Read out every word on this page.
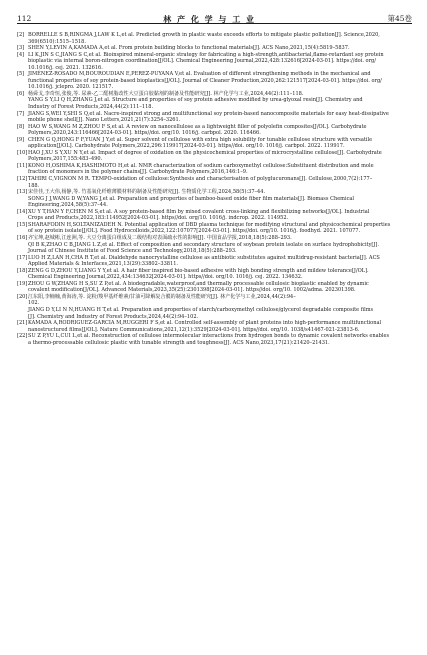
112	林 产 化 学 与 工 业	第45卷
[2] BORRELLE S B,RINGMA J,LAW K L,et al. Predicted growth in plastic waste exceeds efforts to mitigate plastic pollution[J]. Science,2020,
369(6510):1515–1518.
[3] SHEN Y,LEVIN A,KAMADA A,et al. From protein building blocks to functional materials[J]. ACS Nano,2021,15(4):5819–5837.
[4] LI K,JIN S C,JIANG S C,et al. Bioinspired mineral-organic strategy for fabricating a high-strength,antibacterial,flame-retardant soy protein
bioplastic via internal boron-nitrogen coordination[J/OL]. Chemical Engineering Journal,2022,428:132616[2024-03-01]. https://doi. org/
10.1016/j. cej. 2021. 132616.
[5] JIMÉNEZ-ROSADO M,BOUROUDIAN E,PEREZ-PUYANA V,et al. Evaluation of different strengthening methods in the mechanical and
functional properties of soy protein-based bioplastics[J/OL]. Journal of Cleaner Production,2020,262:121517[2024-03-01]. https://doi. org/
10.1016/j. jclepro. 2020. 121517.
[6] 杨舜戈,李奇恒,张俊,等. 尿素-乙二醛树脂改性大豆蛋白胶黏剂的制备及性能研究[J]. 林产化学与工业,2024,44(2):111–118.
YANG S Y,LI Q H,ZHANG J,et al. Structure and properties of soy protein adhesive modified by urea-glyoxal resin[J]. Chemistry and
Industry of Forest Products,2024,44(2):111–118.
[7] JIANG S,WEI Y,SHI S Q,et al. Nacre-inspired strong and multifunctional soy protein-based nanocomposite materials for easy heat-dissipative
mobile phone shell[J]. Nano Letters,2021,21(7):3254–3261.
[8] HAO W S,WANG M Z,ZHOU F S,et al. A review on nanocellulose as a lightweight filler of polyolefin composites[J/OL]. Carbohydrate
Polymers,2020,243:116466[2024-03-01]. https//doi. org/10. 1016/j. carbpol. 2020. 116466.
[9] CHEN G Q,HONG F F,YUAN J Y,et al. Super solvent of cellulose with extra high solubility for tunable cellulose structure with versatile
application[J/OL]. Carbohydrate Polymers,2022,296:119917[2024-03-01]. https//doi. org/10. 1016/j. carbpol. 2022. 119917.
[10] HAO J,XU S Y,XU N Y,et al. Impact of degree of oxidation on the physicochemical properties of microcrystalline cellulose[J]. Carbohydrate
Polymers,2017,155:483–490.
[11] KONO H,OSHIMA K,HASHIMOTO H,et al. NMR characterization of sodium carboxymethyl cellulose:Substituent distribution and mole
fraction of monomers in the polymer chains[J]. Carbohydrate Polymers,2016,146:1–9.
[12] TAHIRI C,VIGNON M R. TEMPO-oxidation of cellulose:Synthesis and characterisation of polyglucuronans[J]. Cellulose,2000,7(2):177–
188.
[13] 宋佳佳,王大伟,杨静,等. 竹基氧化纤维薄膜材料的制备及性能研究[J]. 生物质化学工程,2024,58(5):37–44.
SONG J J,WANG D W,YANG J,et al. Preparation and properties of bamboo-based oxide fiber film materials[J]. Biomass Chemical
Engineering,2024,58(5):37–44.
[14] XU Y T,HAN Y F,CHEN M S,et al. A soy protein-based film by mixed covalent cross-linking and flexibilizing networks[J/OL]. Industrial
Crops and Products,2022,183:114952[2024-03-01]. https//doi. org/10. 1016/j. indcrop. 2022. 114952.
[15] SHARAFODIN H,SOLTANIZADEH N. Potential application of DBD plasma technique for modifying structural and physicochemical properties
of soy protein isolate[J/OL]. Food Hydrocolloids,2022,122:107077[2024-03-01]. https//doi. org/10. 1016/j. foodhyd. 2021. 107077.
[16] 齐宝坤,赵城彬,江连洲,等. 大豆分离蛋白组成及二级结构对表面疏水性的影响[J]. 中国食品学报,2018,18(5):288–293.
QI B K,ZHAO C B,JIANG L Z,et al. Effect of composition and secondary structure of soybean protein isolate on surface hydrophobicity[J].
Journal of Chinese Institute of Food Science and Technology,2018,18(5):288–293.
[17] LUO H Z,LAN H,CHA R T,et al. Dialdehyde nanocrystalline cellulose as antibiotic substitutes against multidrug-resistant bacteria[J]. ACS
Applied Materials & Interfaces,2021,13(29):33802–33811.
[18] ZENG G D,ZHOU Y,LIANG Y Y,et al. A hair fiber inspired bio-based adhesive with high bonding strength and mildew tolerance[J/OL].
Chemical Engineering Journal,2022,434:134632[2024-03-01]. https//doi. org/10. 1016/j. cej. 2022. 134632.
[19] ZHOU G W,ZHANG H S,SU Z P,et al. A biodegradable,waterproof,and thermally processable cellulosic bioplastic enabled by dynamic
covalent modification[J/OL]. Advanced Materials,2023,35(25):2301398[2024-03-01]. https//doi. org/10. 1002/adma. 202301398.
[20] 江东阳,李楠楠,黄海涛,等. 淀粉/羧甲基纤维素/甘油可降解复合膜的制备及性能研究[J]. 林产化学与工业,2024,44(2):94–
102.
JIANG D Y,LI N N,HUANG H T,et al. Preparation and properties of starch/carboxymethyl cellulose/glycerol degradable composite films
[J]. Chemistry and Industry of Forest Products,2024,44(2):94–102.
[21] KAMADA A,RODRIGUEZ-GARCIA M,RUGGERI F S,et al. Controlled self-assembly of plant proteins into high-performance multifunctional
nanostructured films[J/OL]. Nature Communications,2021,12(1):3529[2024-03-01]. https//doi. org/10. 1038/s41467-021-23813-6.
[22] SU Z P,YU L,CUI L,et al. Reconstruction of cellulose intermolecular interactions from hydrogen bonds to dynamic covalent networks enables
a thermo-processable cellulosic plastic with tunable strength and toughness[J]. ACS Nano,2023,17(21):21420–21431.
